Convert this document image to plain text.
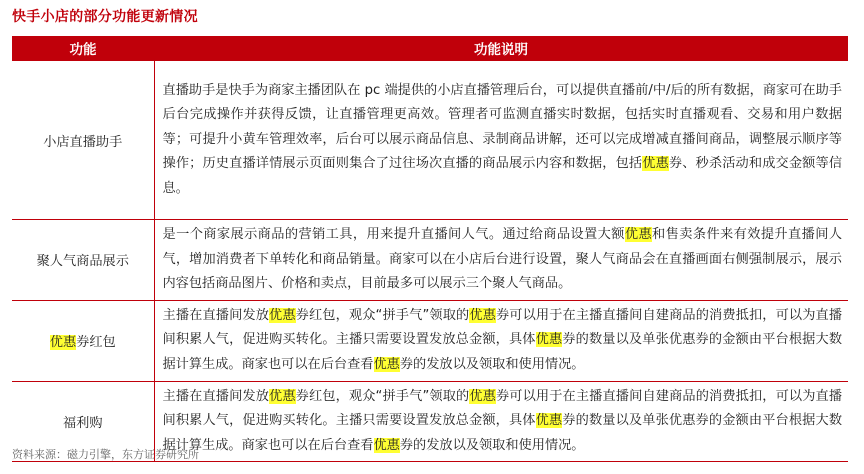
快手小店的部分功能更新情况
功能	功能说明
小店直播助手	直播助手是快手为商家主播团队在 pc 端提供的小店直播管理后台，可以提供直播前/中/后的所有数据，商家可在助手后台完成操作并获得反馈，让直播管理更高效。管理者可监测直播实时数据，包括实时直播观看、交易和用户数据等；可提升小黄车管理效率，后台可以展示商品信息、录制商品讲解，还可以完成增减直播间商品，调整展示顺序等操作；历史直播详情展示页面则集合了过往场次直播的商品展示内容和数据，包括优惠券、秒杀活动和成交金额等信息。
聚人气商品展示	是一个商家展示商品的营销工具，用来提升直播间人气。通过给商品设置大额优惠和售卖条件来有效提升直播间人气，增加消费者下单转化和商品销量。商家可以在小店后台进行设置，聚人气商品会在直播画面右侧强制展示，展示内容包括商品图片、价格和卖点，目前最多可以展示三个聚人气商品。
优惠券红包	主播在直播间发放优惠券红包，观众“拼手气”领取的优惠券可以用于在主播直播间自建商品的消费抵扣，可以为直播间积累人气，促进购买转化。主播只需要设置发放总金额，具体优惠券的数量以及单张优惠券的金额由平台根据大数据计算生成。商家也可以在后台查看优惠券的发放以及领取和使用情况。
福利购	主播在直播间发放优惠券红包，观众“拼手气”领取的优惠券可以用于在主播直播间自建商品的消费抵扣，可以为直播间积累人气，促进购买转化。主播只需要设置发放总金额，具体优惠券的数量以及单张优惠券的金额由平台根据大数据计算生成。商家也可以在后台查看优惠券的发放以及领取和使用情况。
资料来源：磁力引擎，东方证券研究所
